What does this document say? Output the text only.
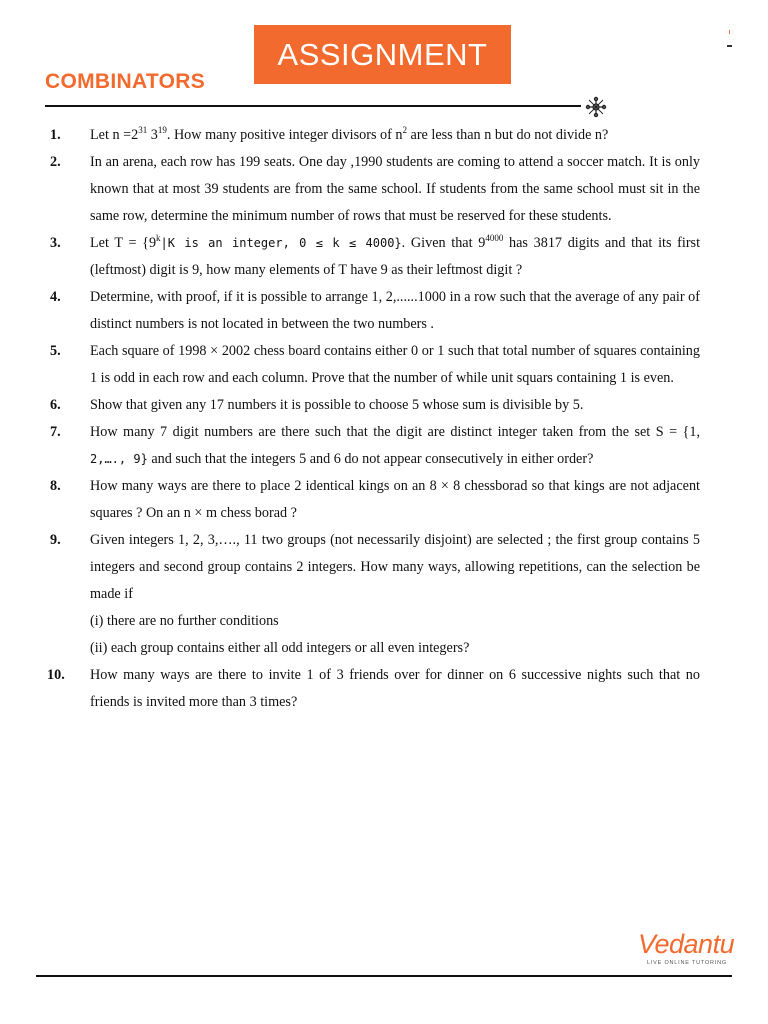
ASSIGNMENT
COMBINATORS
1. Let $n =2^{31}$ $3^{19}$. How many positive integer divisors of $n^2$ are less than n but do not divide n?
2. In an arena, each row has 199 seats. One day ,1990 students are coming to attend a soccer match. It is only known that at most 39 students are from the same school. If students from the same school must sit in the same row, determine the minimum number of rows that must be reserved for these students.
3. Let $T = \{9^k|K$ is an integer, 0 ≤ k ≤ 4000}. Given that $9^{4000}$ has 3817 digits and that its first (leftmost) digit is 9, how many elements of T have 9 as their leftmost digit ?
4. Determine, with proof, if it is possible to arrange 1, 2,......1000 in a row such that the average of any pair of distinct numbers is not located in between the two numbers .
5. Each square of 1998 × 2002 chess board contains either 0 or 1 such that total number of squares containing 1 is odd in each row and each column. Prove that the number of while unit squars containing 1 is even.
6. Show that given any 17 numbers it is possible to choose 5 whose sum is divisible by 5.
7. How many 7 digit numbers are there such that the digit are distinct integer taken from the set S = {1, 2,…., 9} and such that the integers 5 and 6 do not appear consecutively in either order?
8. How many ways are there to place 2 identical kings on an 8 × 8 chessborad so that kings are not adjacent squares ? On an n × m chess borad ?
9. Given integers 1, 2, 3,…., 11 two groups (not necessarily disjoint) are selected ; the first group contains 5 integers and second group contains 2 integers. How many ways, allowing repetitions, can the selection be made if
(i) there are no further conditions
(ii) each group contains either all odd integers or all even integers?
10. How many ways are there to invite 1 of 3 friends over for dinner on 6 successive nights such that no friends is invited more than 3 times?
Vedantu
LIVE ONLINE TUTORING
